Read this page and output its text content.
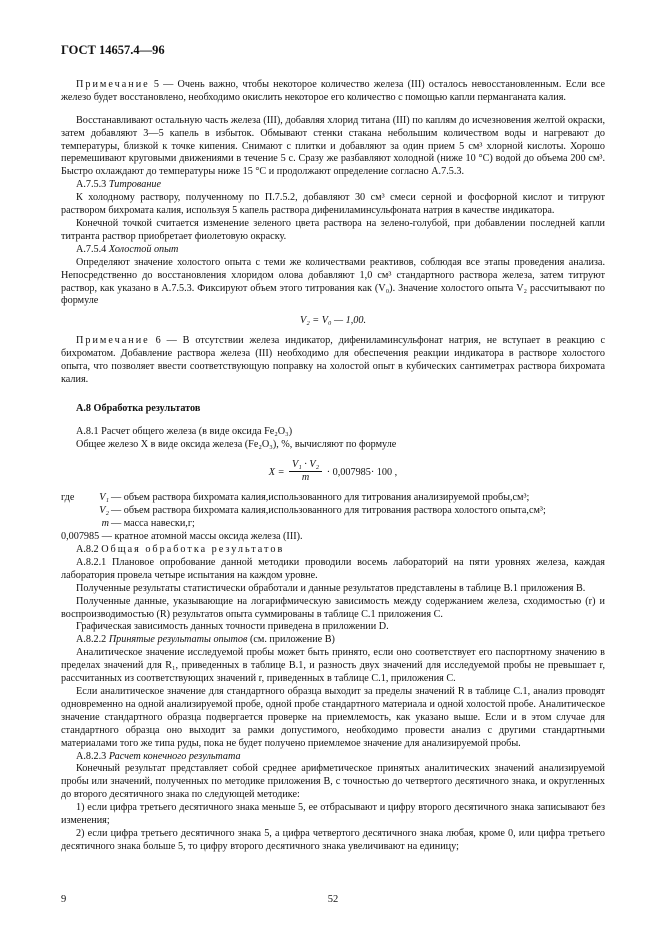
ГОСТ 14657.4—96

Примечание 5 — Очень важно, чтобы некоторое количество железа (III) осталось невосстановленным. Если все железо будет восстановлено, необходимо окислить некоторое его количество с помощью капли перманганата калия.

Восстанавливают остальную часть железа (III), добавляя хлорид титана (III) по каплям до исчезновения желтой окраски, затем добавляют 3—5 капель в избыток. Обмывают стенки стакана небольшим количеством воды и нагревают до температуры, близкой к точке кипения. Снимают с плитки и добавляют за один прием 5 см³ хлорной кислоты. Хорошо перемешивают круговыми движениями в течение 5 с. Сразу же разбавляют холодной (ниже 10 °С) водой до объема 200 см³. Быстро охлаждают до температуры ниже 15 °С и продолжают определение согласно А.7.5.3.

А.7.5.3 Титрование

К холодному раствору, полученному по П.7.5.2, добавляют 30 см³ смеси серной и фосфорной кислот и титруют раствором бихромата калия, используя 5 капель раствора дифениламинсульфоната натрия в качестве индикатора.

Конечной точкой считается изменение зеленого цвета раствора на зелено-голубой, при добавлении последней капли титранта раствор приобретает фиолетовую окраску.

А.7.5.4 Холостой опыт

Определяют значение холостого опыта с теми же количествами реактивов, соблюдая все этапы проведения анализа. Непосредственно до восстановления хлоридом олова добавляют 1,0 см³ стандартного раствора железа, затем титруют раствор, как указано в А.7.5.3. Фиксируют объем этого титрования как (V₀). Значение холостого опыта V₂ рассчитывают по формуле

V₂ = V₀ — 1,00.

Примечание 6 — В отсутствии железа индикатор, дифениламинсульфонат натрия, не вступает в реакцию с бихроматом. Добавление раствора железа (III) необходимо для обеспечения реакции индикатора в растворе холостого опыта, что позволяет ввести соответствующую поправку на холостой опыт в кубических сантиметрах раствора бихромата калия.

А.8 Обработка результатов

А.8.1 Расчет общего железа (в виде оксида Fe₂O₃)

Общее железо X в виде оксида железа (Fe₂O₃), %, вычисляют по формуле

$X = \frac{\text{V₁ · V₂}}{m} \cdot 0,007985\cdot 100$ ,
где	V₁ — объем раствора бихромата калия,использованного для титрования анализируемой пробы,см³;
V₂ — объем раствора бихромата калия,использованного для титрования раствора холостого опыта,см³;
m — масса навески,г;

0,007985 — кратное атомной массы оксида железа (III).

А.8.2 Общая обработка результатов

А.8.2.1 Плановое опробование данной методики проводили восемь лабораторий на пяти уровнях железа, каждая лаборатория провела четыре испытания на каждом уровне.

Полученные результаты статистически обработали и данные результатов представлены в таблице В.1 приложения В.

Полученные данные, указывающие на логарифмическую зависимость между содержанием железа, сходимостью (r) и воспроизводимостью (R) результатов опыта суммированы в таблице С.1 приложения С.

Графическая зависимость данных точности приведена в приложении D.

А.8.2.2 Принятые результаты опытов (см. приложение В)

Аналитическое значение исследуемой пробы может быть принято, если оно соответствует его паспортному значению в пределах значений для R₁, приведенных в таблице В.1, и разность двух значений для исследуемой пробы не превышает r, рассчитанных из соответствующих значений r, приведенных в таблице С.1, приложения С.

Если аналитическое значение для стандартного образца выходит за пределы значений R в таблице С.1, анализ проводят одновременно на одной анализируемой пробе, одной пробе стандартного материала и одной холостой пробе. Аналитическое значение стандартного образца подвергается проверке на приемлемость, как указано выше. Если и в этом случае для стандартного образца оно выходит за рамки допустимого, необходимо провести анализ с другими стандартными материалами того же типа руды, пока не будет получено приемлемое значение для анализируемой пробы.

А.8.2.3 Расчет конечного результата

Конечный результат представляет собой среднее арифметическое принятых аналитических значений анализируемой пробы или значений, полученных по методике приложения В, с точностью до четвертого десятичного знака, и округленных до второго десятичного знака по следующей методике:

1) если цифра третьего десятичного знака меньше 5, ее отбрасывают и цифру второго десятичного знака записывают без изменения;

2) если цифра третьего десятичного знака 5, а цифра четвертого десятичного знака любая, кроме 0, или цифра третьего десятичного знака больше 5, то цифру второго десятичного знака увеличивают на единицу;

9	52
